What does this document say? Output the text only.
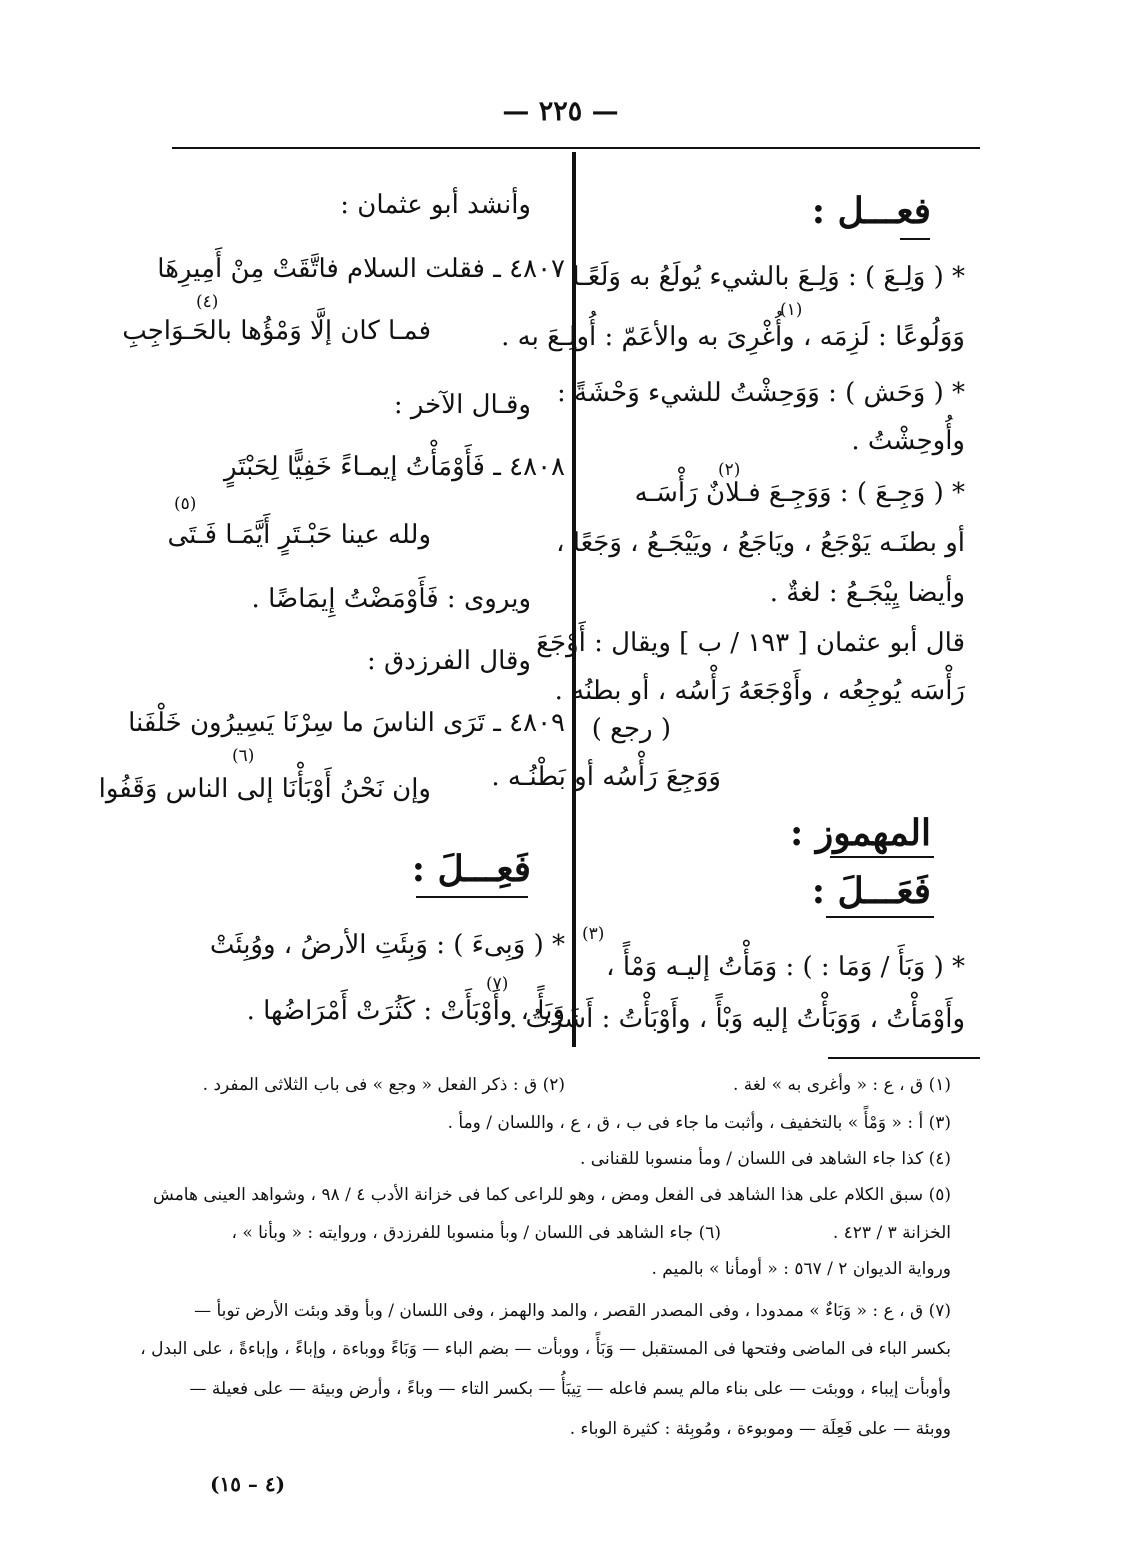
— ٢٢٥ —
فعـــل :
* ( وَلِـعَ ) : وَلِـعَ بالشيء يُولَعُ به وَلَعًـا
وَوَلُوعًا : لَزِمَه ، وأُغْرِىَ به والأعَمّ : أُولِـعَ به .
(١)
* ( وَحَش ) : وَوَحِشْتُ للشيء وَحْشَةً :
وأُوحِشْتُ .
* ( وَجِـعَ ) : وَوَجِـعَ فـلانٌ رَأْسَـه
(٢)
أو بطنَـه يَوْجَعُ ، ويَاجَعُ ، ويَيْجَـعُ ، وَجَعًا ،
وأيضا يِيْجَـعُ : لغةٌ .
قال أبو عثمان [ ١٩٣ / ب ] ويقال : أَوْجَعَ
رَأْسَه يُوجِعُه ، وأَوْجَعَهُ رَأْسُه ، أو بطنُه .
( رجع )
وَوَجِعَ رَأْسُه أو بَطْنُـه .
المهموز :
فَعَـــلَ :
(٣)
* ( وَبَأَ / وَمَا : ) : وَمَأْتُ إليـه وَمْأً ،
وأَوْمَأْتُ ، وَوَبَأْتُ إليه وَبْأً ، وأَوْبَأْتُ : أَشَرْتُ .
وأنشد أبو عثمان :
٤٨٠٧ ـ فقلت السلام فاتَّقَتْ مِنْ أَمِيرِهَا
(٤)
فمـا كان إلَّا وَمْؤُها بالحَـوَاجِبِ
وقـال الآخر :
٤٨٠٨ ـ فَأَوْمَأْتُ إيمـاءً خَفِيًّا لِحَبْتَرٍ
(٥)
ولله عينا حَبْـتَرٍ أَيَّمَـا فَـتَى
ويروى : فَأَوْمَضْتُ إِيمَاضًا .
وقال الفرزدق :
٤٨٠٩ ـ تَرَى الناسَ ما سِرْنَا يَسِيرُون خَلْفَنا
(٦)
وإن نَحْنُ أَوْبَأْنَا إلى الناس وَقَفُوا
فَعِـــلَ :
* ( وَبِىءَ ) : وَبِئَتِ الأرضُ ، ووُبِئَتْ
(٧)
وَبَأً ، وأَوْبَأَتْ : كَثُرَتْ أَمْرَاضُها .
(١) ق ، ع : « وأغرى به » لغة .
(٢) ق : ذكر الفعل « وجع » فى باب الثلاثى المفرد .
(٣) أ : « وَمْأً » بالتخفيف ، وأثبت ما جاء فى ب ، ق ، ع ، واللسان / ومأ .
(٤) كذا جاء الشاهد فى اللسان / ومأ منسوبا للقنانى .
(٥) سبق الكلام على هذا الشاهد فى الفعل ومض ، وهو للراعى كما فى خزانة الأدب ٤ / ٩٨ ، وشواهد العينى هامش
الخزانة ٣ / ٤٢٣ .
(٦) جاء الشاهد فى اللسان / وبأ منسوبا للفرزدق ، وروايته : « وبأنا » ،
ورواية الديوان ٢ / ٥٦٧ : « أومأنا » بالميم .
(٧) ق ، ع : « وَبَاءٌ » ممدودا ، وفى المصدر القصر ، والمد والهمز ، وفى اللسان / وبأ وقد وبئت الأرض توبأ —
بكسر الباء فى الماضى وفتحها فى المستقبل — وَبَأً ، ووبأت — بضم الباء — وَبَاءً ووباءة ، وإباءً ، وإباءةً ، على البدل ،
وأوبأت إيباء ، ووبئت — على بناء مالم يسم فاعله — تِيبَأُ — بكسر التاء — وباءً ، وأرض وبيئة — على فعيلة —
ووبئة — على فَعِلَة — وموبوءة ، ومُوبِئة : كثيرة الوباء .
(٤ – ١٥)
